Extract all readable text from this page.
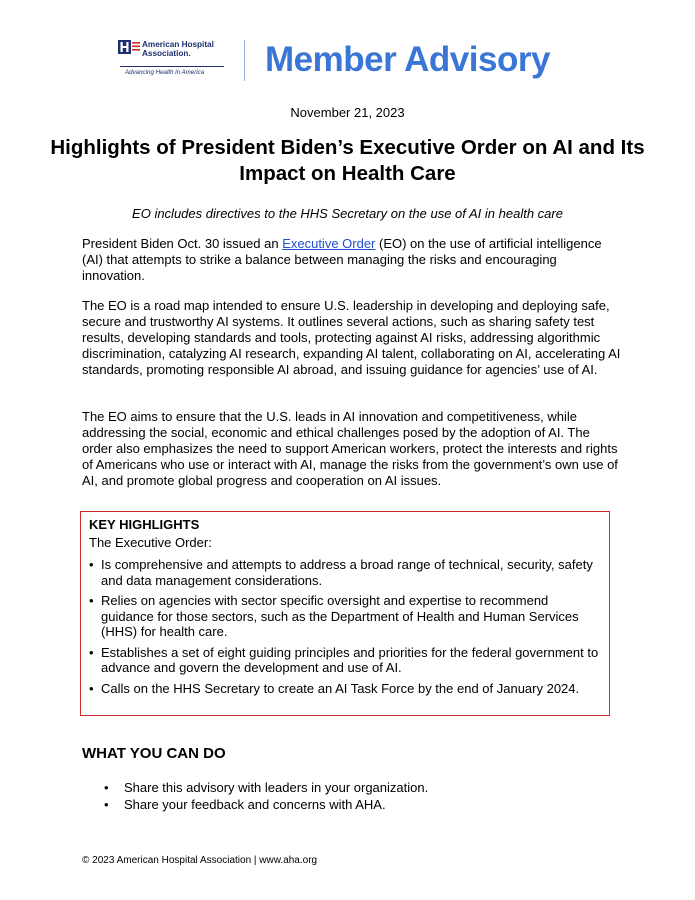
American Hospital
Association.
Advancing Health in America Member Advisory
November 21, 2023
Highlights of President Biden’s Executive Order on AI and Its Impact on Health Care
EO includes directives to the HHS Secretary on the use of AI in health care

President Biden Oct. 30 issued an Executive Order (EO) on the use of artificial intelligence (AI) that attempts to strike a balance between managing the risks and encouraging innovation.

The EO is a road map intended to ensure U.S. leadership in developing and deploying safe, secure and trustworthy AI systems. It outlines several actions, such as sharing safety test results, developing standards and tools, protecting against AI risks, addressing algorithmic discrimination, catalyzing AI research, expanding AI talent, collaborating on AI, accelerating AI standards, promoting responsible AI abroad, and issuing guidance for agencies’ use of AI.

The EO aims to ensure that the U.S. leads in AI innovation and competitiveness, while addressing the social, economic and ethical challenges posed by the adoption of AI. The order also emphasizes the need to support American workers, protect the interests and rights of Americans who use or interact with AI, manage the risks from the government’s own use of AI, and promote global progress and cooperation on AI issues.

KEY HIGHLIGHTS
The Executive Order:
• Is comprehensive and attempts to address a broad range of technical, security, safety and data management considerations.
• Relies on agencies with sector specific oversight and expertise to recommend guidance for those sectors, such as the Department of Health and Human Services (HHS) for health care.
• Establishes a set of eight guiding principles and priorities for the federal government to advance and govern the development and use of AI.
• Calls on the HHS Secretary to create an AI Task Force by the end of January 2024.
WHAT YOU CAN DO
• Share this advisory with leaders in your organization.
• Share your feedback and concerns with AHA.
© 2023 American Hospital Association | www.aha.org
